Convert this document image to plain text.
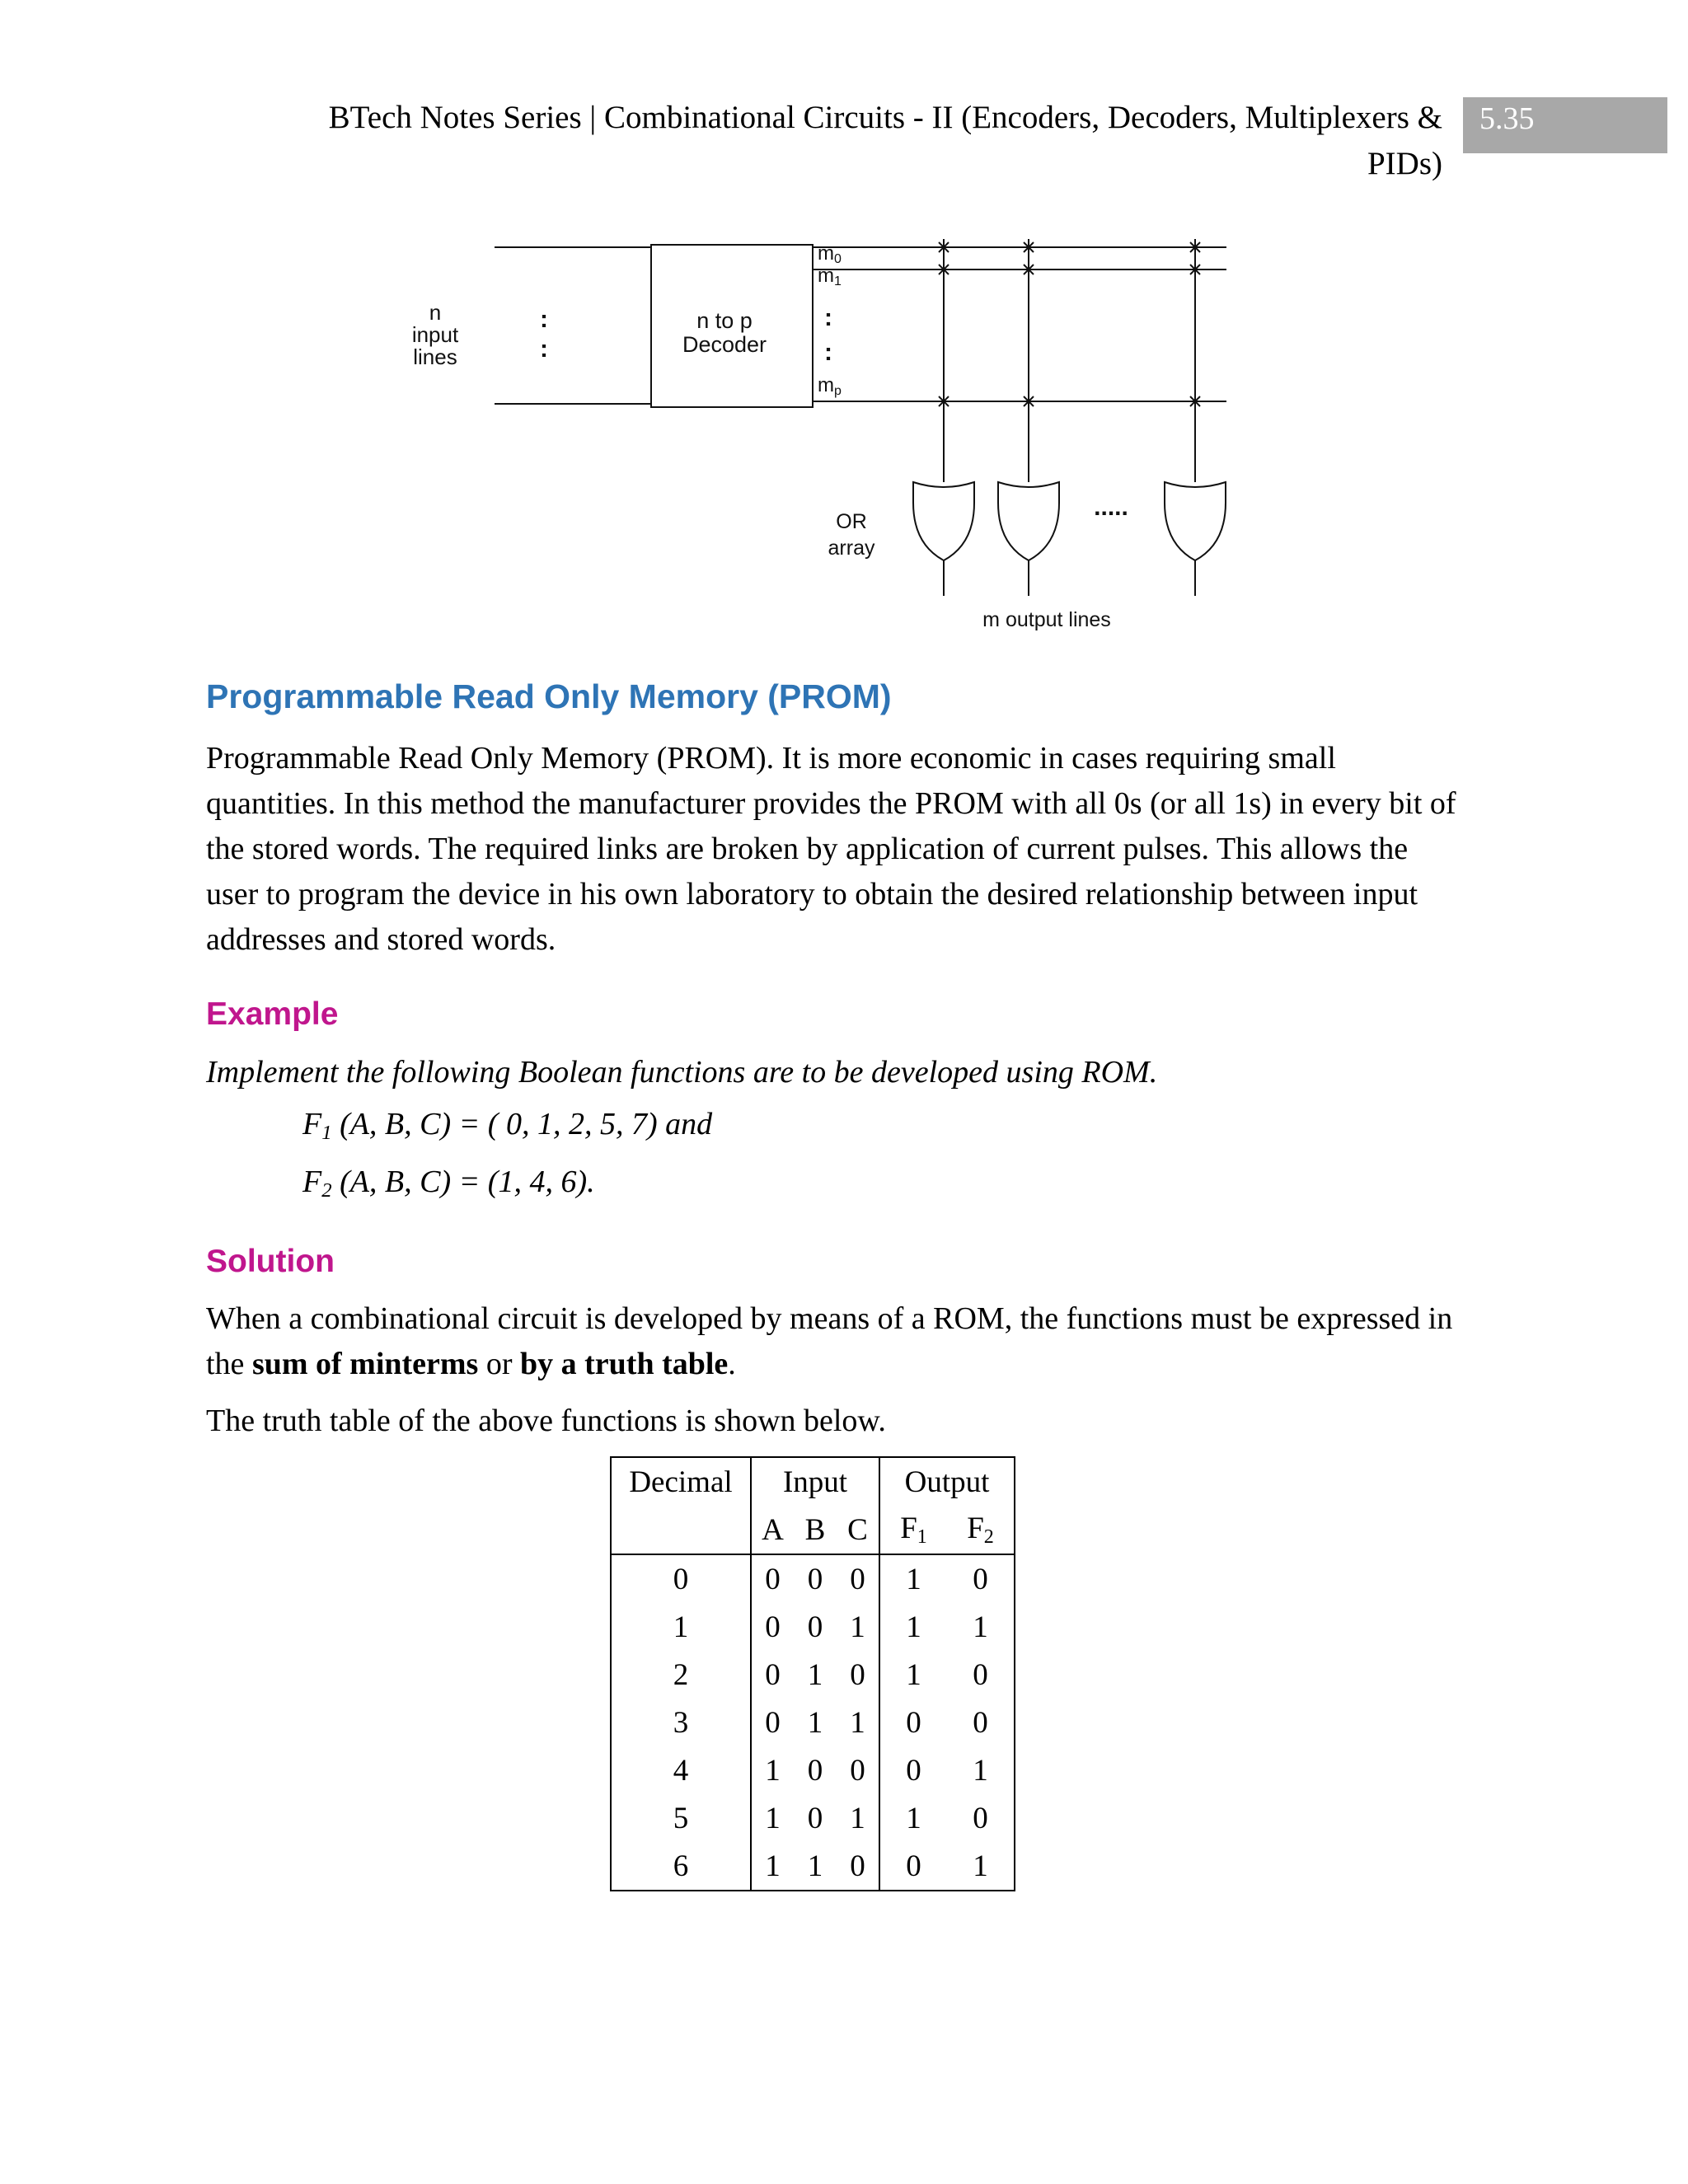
BTech Notes Series | Combinational Circuits - II (Encoders, Decoders, Multiplexers & PIDs)
5.35
n
input
lines
:
:
n to p
Decoder
m0
m1
:
:
mp
OR
array
.....
m output lines
Programmable Read Only Memory (PROM)

Programmable Read Only Memory (PROM). It is more economic in cases requiring small quantities. In this method the manufacturer provides the PROM with all 0s (or all 1s) in every bit of the stored words. The required links are broken by application of current pulses. This allows the user to program the device in his own laboratory to obtain the desired relationship between input addresses and stored words.

Example

Implement the following Boolean functions are to be developed using ROM.

$F_1$ (A, B, C) = ( 0, 1, 2, 5, 7) and
$F_2$ (A, B, C) = (1, 4, 6).
Solution

When a combinational circuit is developed by means of a ROM, the functions must be expressed in the sum of minterms or by a truth table.

The truth table of the above functions is shown below.

Decimal	Input			Output	
	A	B	C	$F_1$	$F_2$
0	0	0	0	1	0
1	0	0	1	1	1
2	0	1	0	1	0
3	0	1	1	0	0
4	1	0	0	0	1
5	1	0	1	1	0
6	1	1	0	0	1
